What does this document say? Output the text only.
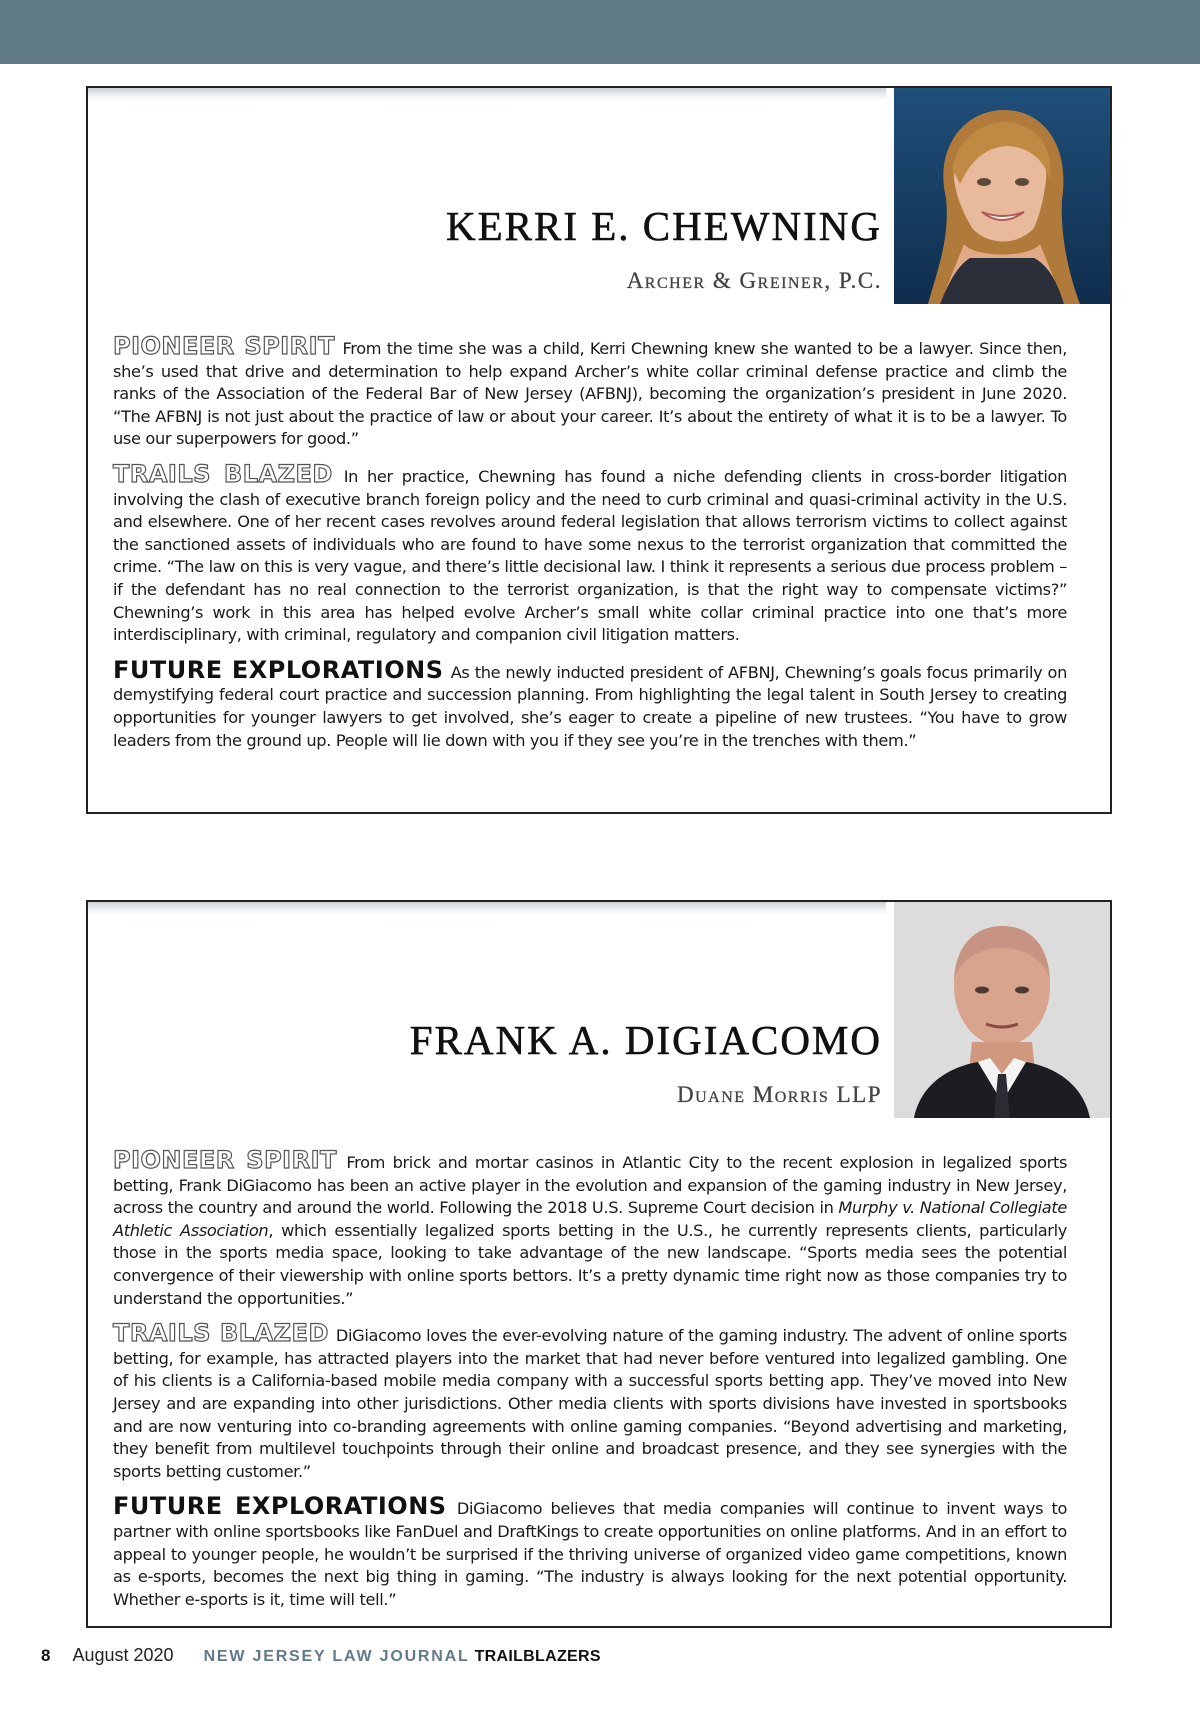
KERRI E. CHEWNING
Archer & Greiner, P.C.

PIONEER SPIRIT From the time she was a child, Kerri Chewning knew she wanted to be a lawyer. Since then, she’s used that drive and determination to help expand Archer’s white collar criminal defense practice and climb the ranks of the Association of the Federal Bar of New Jersey (AFBNJ), becoming the organization’s president in June 2020. “The AFBNJ is not just about the practice of law or about your career. It’s about the entirety of what it is to be a lawyer. To use our superpowers for good.”

TRAILS BLAZED In her practice, Chewning has found a niche defending clients in cross-border litigation involving the clash of executive branch foreign policy and the need to curb criminal and quasi-criminal activity in the U.S. and elsewhere. One of her recent cases revolves around federal legislation that allows terrorism victims to collect against the sanctioned assets of individuals who are found to have some nexus to the terrorist organization that committed the crime. “The law on this is very vague, and there’s little decisional law. I think it represents a serious due process problem – if the defendant has no real connection to the terrorist organization, is that the right way to compensate victims?” Chewning’s work in this area has helped evolve Archer’s small white collar criminal practice into one that’s more interdisciplinary, with criminal, regulatory and companion civil litigation matters.

FUTURE EXPLORATIONS As the newly inducted president of AFBNJ, Chewning’s goals focus primarily on demystifying federal court practice and succession planning. From highlighting the legal talent in South Jersey to creating opportunities for younger lawyers to get involved, she’s eager to create a pipeline of new trustees. “You have to grow leaders from the ground up. People will lie down with you if they see you’re in the trenches with them.”

FRANK A. DIGIACOMO
Duane Morris LLP

PIONEER SPIRIT From brick and mortar casinos in Atlantic City to the recent explosion in legalized sports betting, Frank DiGiacomo has been an active player in the evolution and expansion of the gaming industry in New Jersey, across the country and around the world. Following the 2018 U.S. Supreme Court decision in Murphy v. National Collegiate Athletic Association, which essentially legalized sports betting in the U.S., he currently represents clients, particularly those in the sports media space, looking to take advantage of the new landscape. “Sports media sees the potential convergence of their viewership with online sports bettors. It’s a pretty dynamic time right now as those companies try to understand the opportunities.”

TRAILS BLAZED DiGiacomo loves the ever-evolving nature of the gaming industry. The advent of online sports betting, for example, has attracted players into the market that had never before ventured into legalized gambling. One of his clients is a California-based mobile media company with a successful sports betting app. They’ve moved into New Jersey and are expanding into other jurisdictions. Other media clients with sports divisions have invested in sportsbooks and are now venturing into co-branding agreements with online gaming companies. “Beyond advertising and marketing, they benefit from multilevel touchpoints through their online and broadcast presence, and they see synergies with the sports betting customer.”

FUTURE EXPLORATIONS DiGiacomo believes that media companies will continue to invent ways to partner with online sportsbooks like FanDuel and DraftKings to create opportunities on online platforms. And in an effort to appeal to younger people, he wouldn’t be surprised if the thriving universe of organized video game competitions, known as e-sports, becomes the next big thing in gaming. “The industry is always looking for the next potential opportunity. Whether e-sports is it, time will tell.”

8 August 2020 NEW JERSEY LAW JOURNAL TRAILBLAZERS
